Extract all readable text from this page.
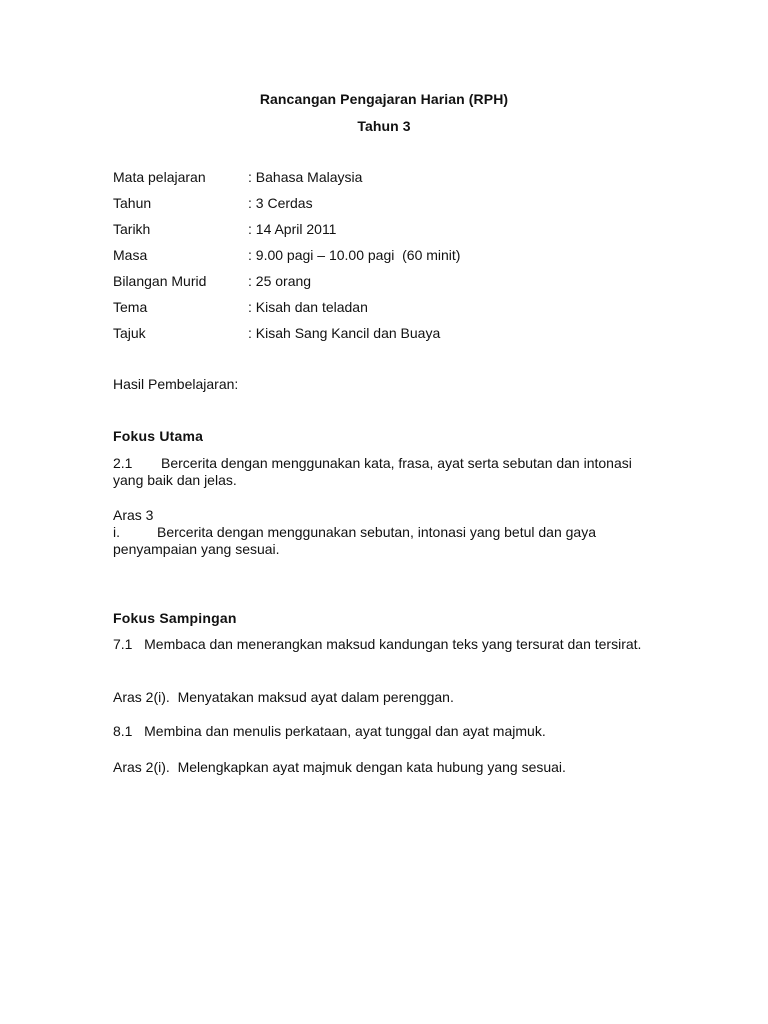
Rancangan Pengajaran Harian (RPH)
Tahun 3
Mata pelajaran	: Bahasa Malaysia
Tahun	: 3 Cerdas
Tarikh	: 14 April 2011
Masa	: 9.00 pagi – 10.00 pagi  (60 minit)
Bilangan Murid	: 25 orang
Tema	: Kisah dan teladan
Tajuk	: Kisah Sang Kancil dan Buaya
Hasil Pembelajaran:
Fokus Utama
2.1 Bercerita dengan menggunakan kata, frasa, ayat serta sebutan dan intonasi yang baik dan jelas.
Aras 3
i.	Bercerita dengan menggunakan sebutan, intonasi yang betul dan gaya penyampaian yang sesuai.
Fokus Sampingan
7.1 Membaca dan menerangkan maksud kandungan teks yang tersurat dan tersirat.
Aras 2(i).  Menyatakan maksud ayat dalam perenggan.
8.1 Membina dan menulis perkataan, ayat tunggal dan ayat majmuk.
Aras 2(i).  Melengkapkan ayat majmuk dengan kata hubung yang sesuai.
